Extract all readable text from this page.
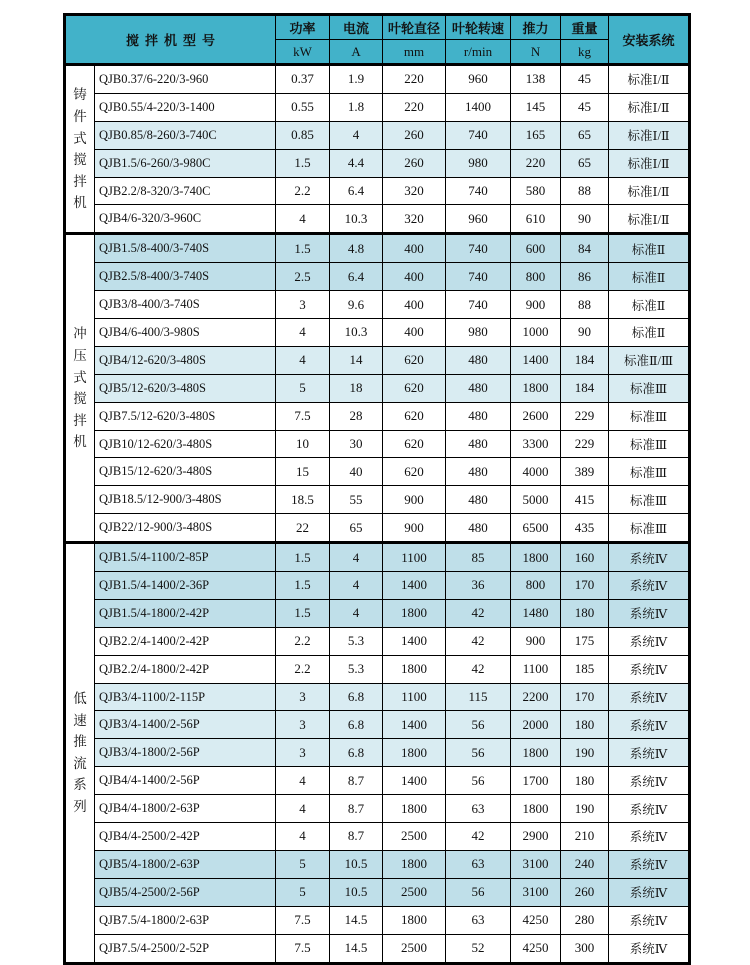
搅拌机型号		功率	电流	叶轮直径	叶轮转速	推力	重量	安装系统
		kW	A	mm	r/min	N	kg	

铸
件
式
搅
拌
机
	QJB0.37/6-220/3-960	0.37	1.9	220	960	138	45	标准Ⅰ/Ⅱ
	QJB0.55/4-220/3-1400	0.55	1.8	220	1400	145	45	标准Ⅰ/Ⅱ
	QJB0.85/8-260/3-740C	0.85	4	260	740	165	65	标准Ⅰ/Ⅱ
	QJB1.5/6-260/3-980C	1.5	4.4	260	980	220	65	标准Ⅰ/Ⅱ
	QJB2.2/8-320/3-740C	2.2	6.4	320	740	580	88	标准Ⅰ/Ⅱ
	QJB4/6-320/3-960C	4	10.3	320	960	610	90	标准Ⅰ/Ⅱ

冲
压
式
搅
拌
机
	QJB1.5/8-400/3-740S	1.5	4.8	400	740	600	84	标准Ⅱ
	QJB2.5/8-400/3-740S	2.5	6.4	400	740	800	86	标准Ⅱ
	QJB3/8-400/3-740S	3	9.6	400	740	900	88	标准Ⅱ
	QJB4/6-400/3-980S	4	10.3	400	980	1000	90	标准Ⅱ
	QJB4/12-620/3-480S	4	14	620	480	1400	184	标准Ⅱ/Ⅲ
	QJB5/12-620/3-480S	5	18	620	480	1800	184	标准Ⅲ
	QJB7.5/12-620/3-480S	7.5	28	620	480	2600	229	标准Ⅲ
	QJB10/12-620/3-480S	10	30	620	480	3300	229	标准Ⅲ
	QJB15/12-620/3-480S	15	40	620	480	4000	389	标准Ⅲ
	QJB18.5/12-900/3-480S	18.5	55	900	480	5000	415	标准Ⅲ
	QJB22/12-900/3-480S	22	65	900	480	6500	435	标准Ⅲ

低
速
推
流
系
列
	QJB1.5/4-1100/2-85P	1.5	4	1100	85	1800	160	系统Ⅳ
	QJB1.5/4-1400/2-36P	1.5	4	1400	36	800	170	系统Ⅳ
	QJB1.5/4-1800/2-42P	1.5	4	1800	42	1480	180	系统Ⅳ
	QJB2.2/4-1400/2-42P	2.2	5.3	1400	42	900	175	系统Ⅳ
	QJB2.2/4-1800/2-42P	2.2	5.3	1800	42	1100	185	系统Ⅳ
	QJB3/4-1100/2-115P	3	6.8	1100	115	2200	170	系统Ⅳ
	QJB3/4-1400/2-56P	3	6.8	1400	56	2000	180	系统Ⅳ
	QJB3/4-1800/2-56P	3	6.8	1800	56	1800	190	系统Ⅳ
	QJB4/4-1400/2-56P	4	8.7	1400	56	1700	180	系统Ⅳ
	QJB4/4-1800/2-63P	4	8.7	1800	63	1800	190	系统Ⅳ
	QJB4/4-2500/2-42P	4	8.7	2500	42	2900	210	系统Ⅳ
	QJB5/4-1800/2-63P	5	10.5	1800	63	3100	240	系统Ⅳ
	QJB5/4-2500/2-56P	5	10.5	2500	56	3100	260	系统Ⅳ
	QJB7.5/4-1800/2-63P	7.5	14.5	1800	63	4250	280	系统Ⅳ
	QJB7.5/4-2500/2-52P	7.5	14.5	2500	52	4250	300	系统Ⅳ
